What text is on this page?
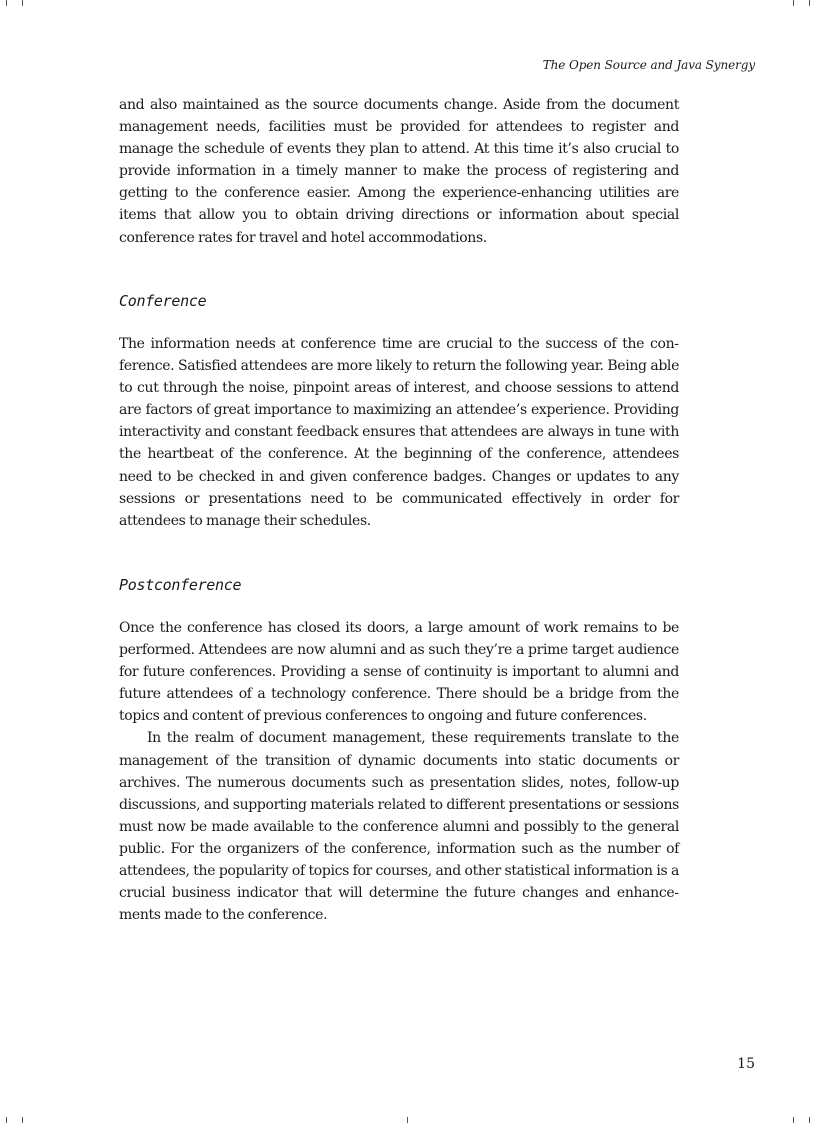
The Open Source and Java Synergy

and also maintained as the source documents change. Aside from the document management needs, facilities must be provided for attendees to register and manage the schedule of events they plan to attend. At this time it’s also crucial to provide information in a timely manner to make the process of registering and getting to the conference easier. Among the experience-enhancing utilities are items that allow you to obtain driving directions or information about special conference rates for travel and hotel accommodations.

Conference

The information needs at conference time are crucial to the success of the conference. Satisfied attendees are more likely to return the following year. Being able to cut through the noise, pinpoint areas of interest, and choose sessions to attend are factors of great importance to maximizing an attendee’s experience. Providing interactivity and constant feedback ensures that attendees are always in tune with the heartbeat of the conference. At the beginning of the conference, attendees need to be checked in and given conference badges. Changes or updates to any sessions or presentations need to be communicated effectively in order for attendees to manage their schedules.

Postconference

Once the conference has closed its doors, a large amount of work remains to be performed. Attendees are now alumni and as such they’re a prime target audience for future conferences. Providing a sense of continuity is important to alumni and future attendees of a technology conference. There should be a bridge from the topics and content of previous conferences to ongoing and future conferences.

In the realm of document management, these requirements translate to the management of the transition of dynamic documents into static documents or archives. The numerous documents such as presentation slides, notes, follow-up discussions, and supporting materials related to different presentations or sessions must now be made available to the conference alumni and possibly to the general public. For the organizers of the conference, information such as the number of attendees, the popularity of topics for courses, and other statistical information is a crucial business indicator that will determine the future changes and enhancements made to the conference.

15
